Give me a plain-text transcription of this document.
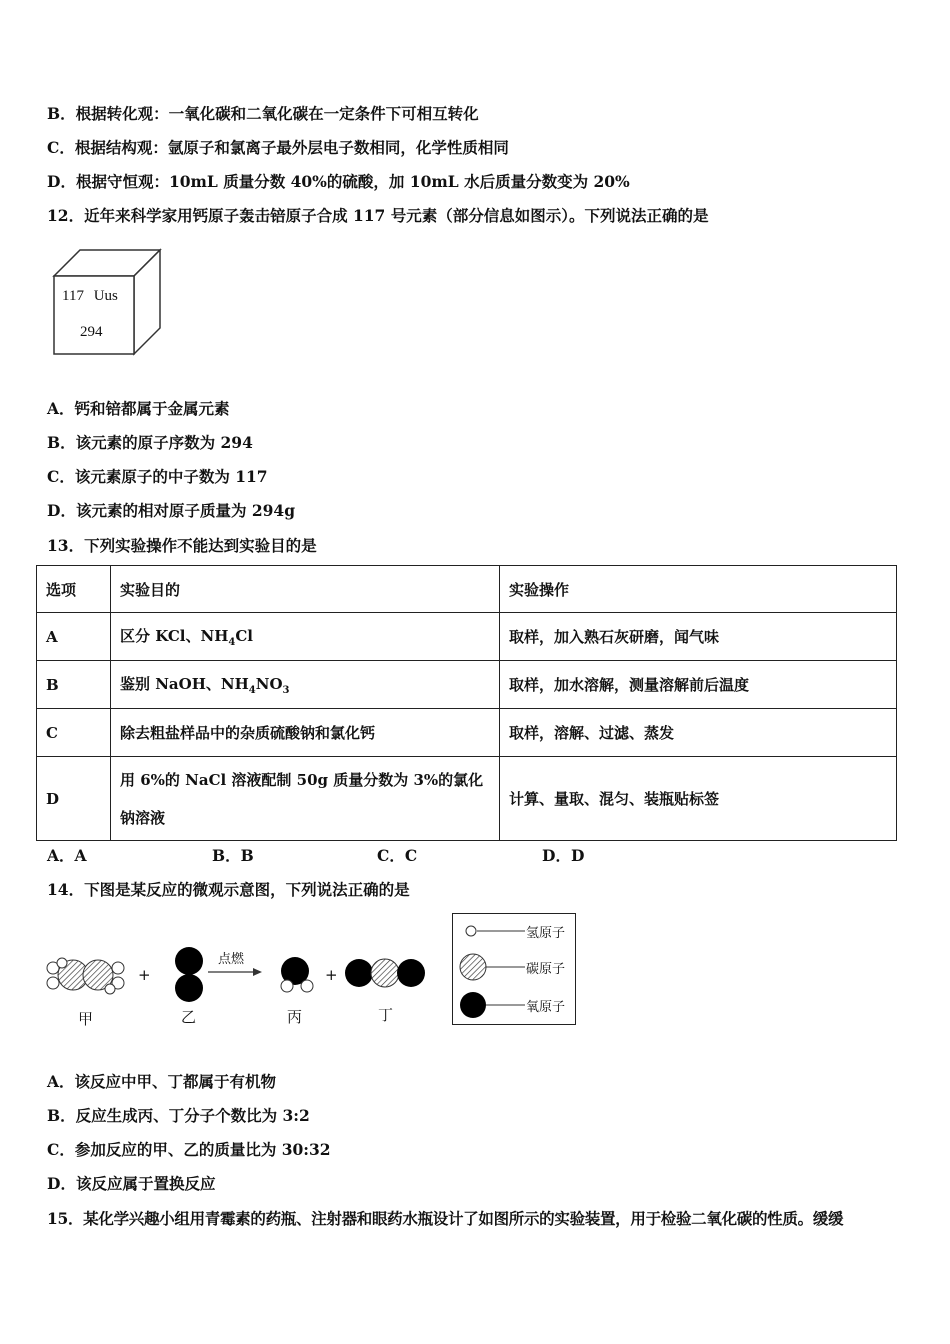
B．根据转化观：一氧化碳和二氧化碳在一定条件下可相互转化
C．根据结构观：氩原子和氯离子最外层电子数相同，化学性质相同
D．根据守恒观：10mL 质量分数 40%的硫酸，加 10mL 水后质量分数变为 20%
12．近年来科学家用钙原子轰击锫原子合成 117 号元素（部分信息如图示）。下列说法正确的是
117 Uus
294
A．钙和锫都属于金属元素
B．该元素的原子序数为 294
C．该元素原子的中子数为 117
D．该元素的相对原子质量为 294g
13．下列实验操作不能达到实验目的是
选项	实验目的	实验操作
A	区分 KCl、$NH_4Cl$	取样，加入熟石灰研磨，闻气味
B	鉴别 NaOH、$NH_4NO_3$	取样，加水溶解，测量溶解前后温度
C	除去粗盐样品中的杂质硫酸钠和氯化钙	取样，溶解、过滤、蒸发
D	用 6%的 NaCl 溶液配制 50g 质量分数为 3%的氯化
钠溶液	计算、量取、混匀、装瓶贴标签
A．A	B．B	C．C	D．D
14．下图是某反应的微观示意图，下列说法正确的是
+	+
点燃
甲	乙	丙	丁
氢原子
碳原子
氧原子
A．该反应中甲、丁都属于有机物
B．反应生成丙、丁分子个数比为 3:2
C．参加反应的甲、乙的质量比为 30:32
D．该反应属于置换反应
15．某化学兴趣小组用青霉素的药瓶、注射器和眼药水瓶设计了如图所示的实验装置，用于检验二氧化碳的性质。缓缓
